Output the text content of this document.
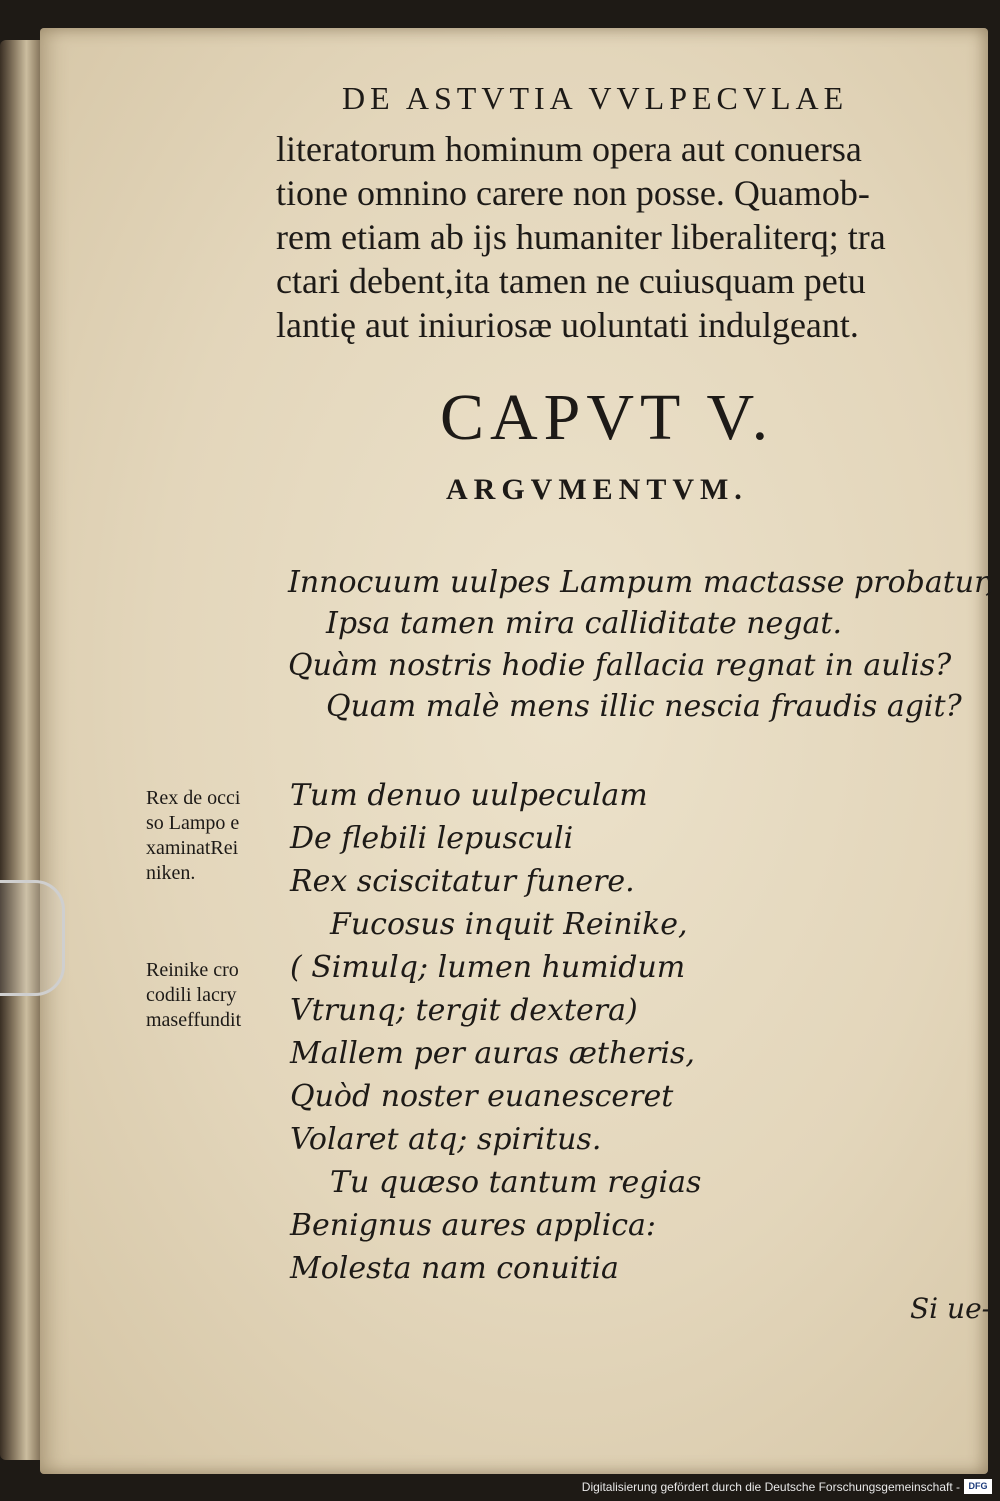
DE ASTVTIA VVLPECVLAE
literatorum hominum opera aut conuersa
tione omnino carere non posse. Quamob-
rem etiam ab ijs humaniter liberaliterq; tra
ctari debent,ita tamen ne cuiusquam petu
lantię aut iniuriosæ uoluntati indulgeant.
CAPVT V.
ARGVMENTVM.
Innocuum uulpes Lampum mactasse probatur,
Ipsa tamen mira calliditate negat.
Quàm nostris hodie fallacia regnat in aulis?
Quam malè mens illic nescia fraudis agit?
Rex de occi
so Lampo e
xaminatRei
niken.
Reinike cro
codili lacry
maseffundit
Tum denuo uulpeculam
De flebili lepusculi
Rex sciscitatur funere.
Fucosus inquit Reinike,
( Simulq; lumen humidum
Vtrunq; tergit dextera)
Mallem per auras ætheris,
Quòd noster euanesceret
Volaret atq; spiritus.
Tu quæso tantum regias
Benignus aures applica:
Molesta nam conuitia
Si ue-
Digitalisierung gefördert durch die Deutsche Forschungsgemeinschaft - DFG
